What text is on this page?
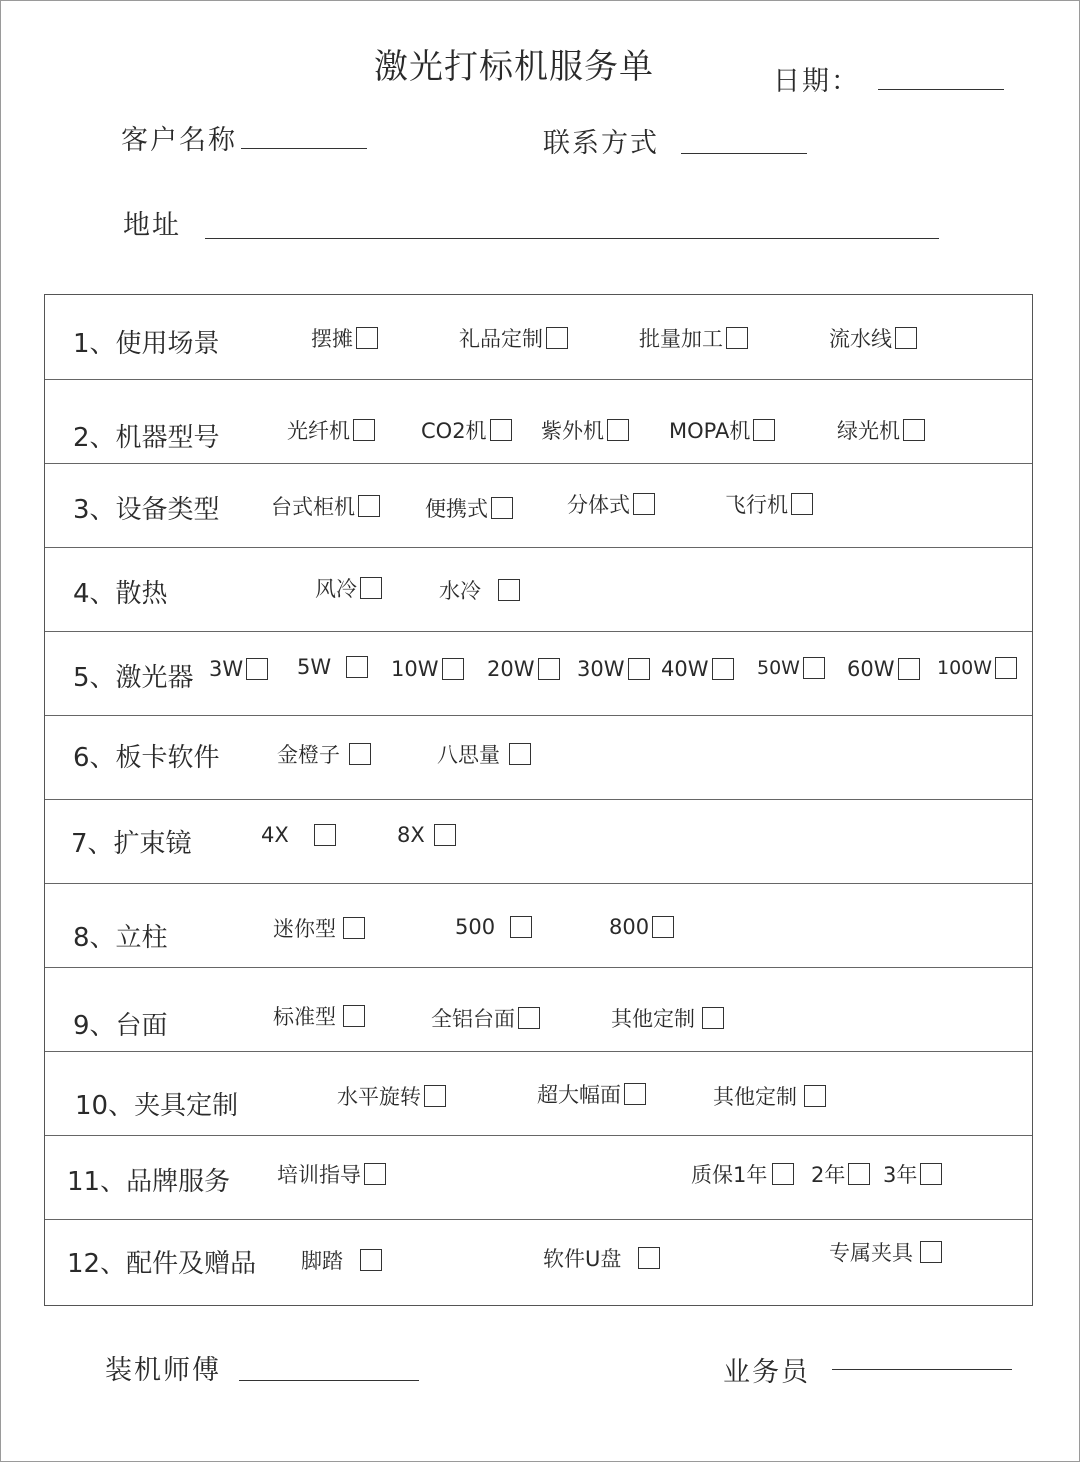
激光打标机服务单	日期：
客户名称	联系方式
地址
1、使用场景	摆摊	礼品定制	批量加工	流水线
2、机器型号	光纤机	CO2机	紫外机	MOPA机	绿光机
3、设备类型 台式柜机	便携式	分体式	飞行机
4、散热	风冷	水冷
5、激光器 3W	5W	10W 20W 30W 40W	50W 60W 100W
6、板卡软件	金橙子	八思量
7、扩束镜	4X	8X
8、立柱	迷你型	500	800
9、台面	标准型	全铝台面	其他定制
10、夹具定制	水平旋转	超大幅面	其他定制
11、品牌服务 培训指导	质保1年 2年 3年
12、配件及赠品 脚踏	软件U盘	专属夹具
装机师傅	业务员
